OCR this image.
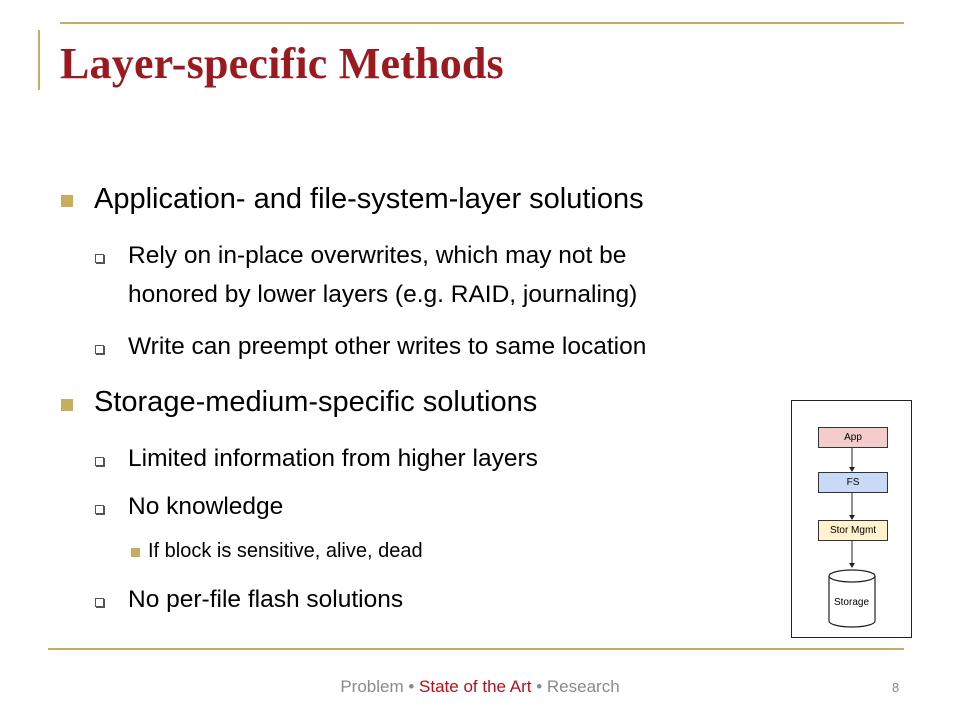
Layer-specific Methods
Application- and file-system-layer solutions
Rely on in-place overwrites, which may not be
honored by lower layers (e.g. RAID, journaling)
Write can preempt other writes to same location
Storage-medium-specific solutions
Limited information from higher layers
No knowledge
If block is sensitive, alive, dead
No per-file flash solutions
App
FS
Stor Mgmt
Storage
Problem • State of the Art • Research	8
